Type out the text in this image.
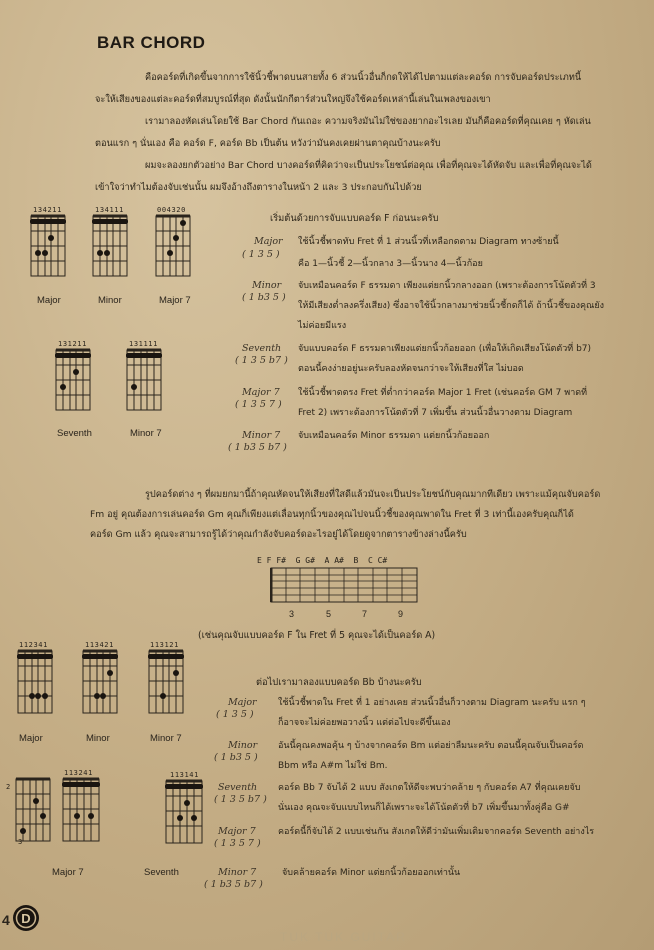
BAR CHORD
คือคอร์ดที่เกิดขึ้นจากการใช้นิ้วชี้พาดบนสายทั้ง 6 ส่วนนิ้วอื่นก็กดให้ได้ไปตามแต่ละคอร์ด การจับคอร์ดประเภทนี้
จะให้เสียงของแต่ละคอร์ดที่สมบูรณ์ที่สุด ดังนั้นนักกีตาร์ส่วนใหญ่จึงใช้คอร์ดเหล่านี้เล่นในเพลงของเขา
เรามาลองหัดเล่นโดยใช้ Bar Chord กันเถอะ ความจริงมันไม่ใช่ของยากอะไรเลย มันก็คือคอร์ดที่คุณเคย ๆ หัดเล่น
ตอนแรก ๆ นั่นเอง คือ คอร์ด F, คอร์ด Bb เป็นต้น หวังว่ามันคงเคยผ่านตาคุณบ้างนะครับ
ผมจะลองยกตัวอย่าง Bar Chord บางคอร์ดที่คิดว่าจะเป็นประโยชน์ต่อคุณ เพื่อที่คุณจะได้หัดจับ และเพื่อที่คุณจะได้
เข้าใจว่าทำไมต้องจับเช่นนั้น ผมจึงอ้างถึงตารางในหน้า 2 และ 3 ประกอบกันไปด้วย
เริ่มต้นด้วยการจับแบบคอร์ด F ก่อนนะครับ
134211
Major
134111
Minor
004320
Major 7
131211
Seventh
131111
Minor 7
Major
( 1 3 5 )
ใช้นิ้วชี้พาดทับ Fret ที่ 1 ส่วนนิ้วที่เหลือกดตาม Diagram ทางซ้ายนี้
คือ 1—นิ้วชี้ 2—นิ้วกลาง 3—นิ้วนาง 4—นิ้วก้อย
Minor
( 1 b3 5 )
จับเหมือนคอร์ด F ธรรมดา เพียงแต่ยกนิ้วกลางออก (เพราะต้องการโน้ตตัวที่ 3
ให้มีเสียงต่ำลงครึ่งเสียง) ซึ่งอาจใช้นิ้วกลางมาช่วยนิ้วชี้กดก็ได้ ถ้านิ้วชี้ของคุณยัง
ไม่ค่อยมีแรง
Seventh
( 1 3 5 b7 )
จับแบบคอร์ด F ธรรมดาเพียงแต่ยกนิ้วก้อยออก (เพื่อให้เกิดเสียงโน้ตตัวที่ b7)
ตอนนี้คงง่ายอยู่นะครับลองหัดจนกว่าจะให้เสียงที่ใส ไม่บอด
Major 7
( 1 3 5 7 )
ใช้นิ้วชี้พาดตรง Fret ที่ต่ำกว่าคอร์ด Major 1 Fret (เช่นคอร์ด GM 7 พาดที่
Fret 2) เพราะต้องการโน้ตตัวที่ 7 เพิ่มขึ้น ส่วนนิ้วอื่นวางตาม Diagram
Minor 7
( 1 b3 5 b7 )
จับเหมือนคอร์ด Minor ธรรมดา แต่ยกนิ้วก้อยออก
รูปคอร์ดต่าง ๆ ที่ผมยกมานี้ถ้าคุณหัดจนให้เสียงที่ใสดีแล้วมันจะเป็นประโยชน์กับคุณมากทีเดียว เพราะแม้คุณจับคอร์ด
Fm อยู่ คุณต้องการเล่นคอร์ด Gm คุณก็เพียงแต่เลื่อนทุกนิ้วของคุณไปจนนิ้วชี้ของคุณพาดใน Fret ที่ 3 เท่านี้เองครับคุณก็ได้
คอร์ด Gm แล้ว คุณจะสามารถรู้ได้ว่าคุณกำลังจับคอร์ดอะไรอยู่ได้โดยดูจากตารางข้างล่างนี้ครับ
E F F# G G# A A# B C C#
3	5	7	9
(เช่นคุณจับแบบคอร์ด F ใน Fret ที่ 5 คุณจะได้เป็นคอร์ด A)
112341
Major
113421
Minor
113121
Minor 7
2
3
Major 7
113241	113141
Seventh
ต่อไปเรามาลองแบบคอร์ด Bb บ้างนะครับ
Major
( 1 3 5 )
ใช้นิ้วชี้พาดใน Fret ที่ 1 อย่างเคย ส่วนนิ้วอื่นก็วางตาม Diagram นะครับ แรก ๆ
ก็อาจจะไม่ค่อยพอวางนิ้ว แต่ต่อไปจะดีขึ้นเอง
Minor
( 1 b3 5 )
อันนี้คุณคงพอคุ้น ๆ บ้างจากคอร์ด Bm แต่อย่าลืมนะครับ ตอนนี้คุณจับเป็นคอร์ด
Bbm หรือ A#m ไม่ใช่ Bm.
Seventh
( 1 3 5 b7 )
คอร์ด Bb 7 จับได้ 2 แบบ สังเกตให้ดีจะพบว่าคล้าย ๆ กับคอร์ด A7 ที่คุณเคยจับ
นั่นเอง คุณจะจับแบบไหนก็ได้เพราะจะได้โน้ตตัวที่ b7 เพิ่มขึ้นมาทั้งคู่คือ G#
Major 7
( 1 3 5 7 )
คอร์ดนี้ก็จับได้ 2 แบบเช่นกัน สังเกตให้ดีว่ามันเพิ่มเติมจากคอร์ด Seventh อย่างไร
Minor 7
( 1 b3 5 b7 )
จับคล้ายคอร์ด Minor แต่ยกนิ้วก้อยออกเท่านั้น
4 D
TUK TUK GUITAR
